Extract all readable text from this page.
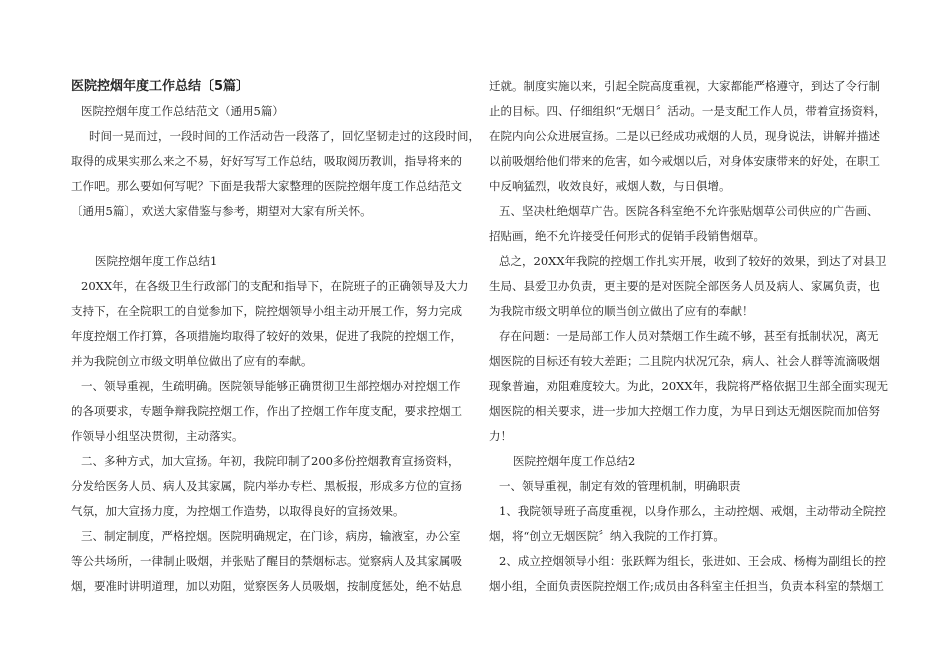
医院控烟年度工作总结〔5篇〕
医院控烟年度工作总结范文（通用5篇）
时间一晃而过，一段时间的工作活动告一段落了，回忆坚韧走过的这段时间，
取得的成果实那么来之不易，好好写写工作总结，吸取阅历教训，指导将来的
工作吧。那么要如何写呢？下面是我帮大家整理的医院控烟年度工作总结范文
〔通用5篇〕，欢送大家借鉴与参考，期望对大家有所关怀。
医院控烟年度工作总结1
20XX年，在各级卫生行政部门的支配和指导下，在院班子的正确领导及大力
支持下，在全院职工的自觉参加下，院控烟领导小组主动开展工作，努力完成
年度控烟工作打算，各项措施均取得了较好的效果，促进了我院的控烟工作，
并为我院创立市级文明单位做出了应有的奉献。
一、领导重视，生疏明确。医院领导能够正确贯彻卫生部控烟办对控烟工作
的各项要求，专题争辩我院控烟工作，作出了控烟工作年度支配，要求控烟工
作领导小组坚决贯彻，主动落实。
二、多种方式，加大宣扬。年初，我院印制了200多份控烟教育宣扬资料，
分发给医务人员、病人及其家属，院内举办专栏、黑板报，形成多方位的宣扬
气氛，加大宣扬力度，为控烟工作造势，以取得良好的宣扬效果。
三、制定制度，严格控烟。医院明确规定，在门诊，病房，输液室，办公室
等公共场所，一律制止吸烟，并张贴了醒目的禁烟标志。觉察病人及其家属吸
烟，要准时讲明道理，加以劝阻，觉察医务人员吸烟，按制度惩处，绝不姑息
迁就。制度实施以来，引起全院高度重视，大家都能严格遵守，到达了令行制
止的目标。四、仔细组织“无烟日〞活动。一是支配工作人员，带着宣扬资料，
在院内向公众进展宣扬。二是以已经成功戒烟的人员，现身说法，讲解并描述
以前吸烟给他们带来的危害，如今戒烟以后，对身体安康带来的好处，在职工
中反响猛烈，收效良好，戒烟人数，与日俱增。
五、坚决杜绝烟草广告。医院各科室绝不允许张贴烟草公司供应的广告画、
招贴画，绝不允许接受任何形式的促销手段销售烟草。
总之，20XX年我院的控烟工作扎实开展，收到了较好的效果，到达了对县卫
生局、县爱卫办负责，更主要的是对医院全部医务人员及病人、家属负责，也
为我院市级文明单位的顺当创立做出了应有的奉献！
存在问题：一是局部工作人员对禁烟工作生疏不够，甚至有抵制状况，离无
烟医院的目标还有较大差距；二且院内状况冗杂，病人、社会人群等流滴吸烟
现象普遍，劝阻难度较大。为此，20XX年，我院将严格依据卫生部全面实现无
烟医院的相关要求，进一步加大控烟工作力度，为早日到达无烟医院而加倍努
力！
医院控烟年度工作总结2
一、领导重视，制定有效的管理机制，明确职责
1、我院领导班子高度重视，以身作那么，主动控烟、戒烟，主动带动全院控
烟，将“创立无烟医院〞纳入我院的工作打算。
2、成立控烟领导小组：张跃辉为组长，张进如、王会成、杨梅为副组长的控
烟小组，全面负责医院控烟工作;成员由各科室主任担当，负责本科室的禁烟工
